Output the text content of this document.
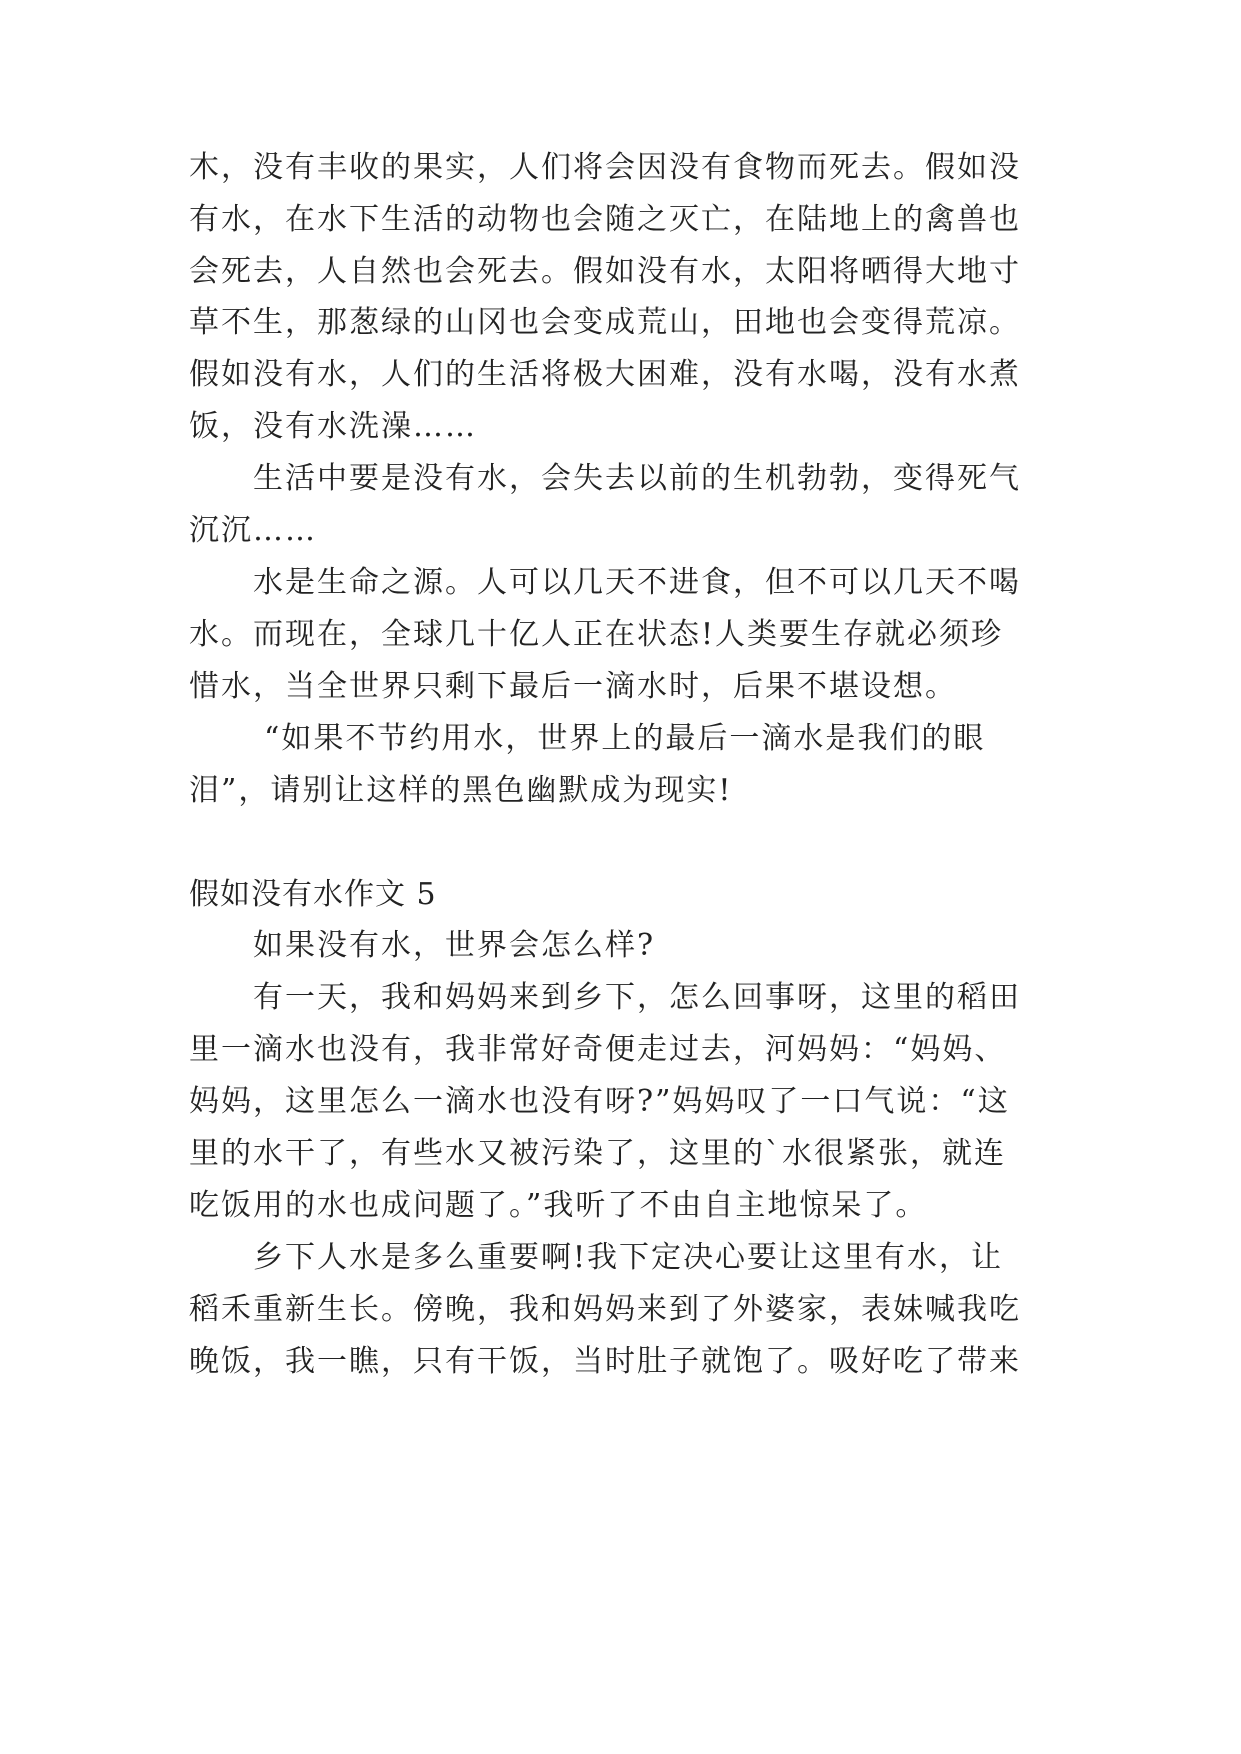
木，没有丰收的果实，人们将会因没有食物而死去。假如没
有水，在水下生活的动物也会随之灭亡，在陆地上的禽兽也
会死去，人自然也会死去。假如没有水，太阳将晒得大地寸
草不生，那葱绿的山冈也会变成荒山，田地也会变得荒凉。
假如没有水，人们的生活将极大困难，没有水喝，没有水煮
饭，没有水洗澡……
生活中要是没有水，会失去以前的生机勃勃，变得死气
沉沉……
水是生命之源。人可以几天不进食，但不可以几天不喝
水。而现在，全球几十亿人正在状态!人类要生存就必须珍
惜水，当全世界只剩下最后一滴水时，后果不堪设想。
“如果不节约用水，世界上的最后一滴水是我们的眼
泪”，请别让这样的黑色幽默成为现实!
假如没有水作文 5
如果没有水，世界会怎么样?
有一天，我和妈妈来到乡下，怎么回事呀，这里的稻田
里一滴水也没有，我非常好奇便走过去，河妈妈：“妈妈、
妈妈，这里怎么一滴水也没有呀?”妈妈叹了一口气说：“这
里的水干了，有些水又被污染了，这里的`水很紧张，就连
吃饭用的水也成问题了。”我听了不由自主地惊呆了。
乡下人水是多么重要啊!我下定决心要让这里有水，让
稻禾重新生长。傍晚，我和妈妈来到了外婆家，表妹喊我吃
晚饭，我一瞧，只有干饭，当时肚子就饱了。吸好吃了带来
